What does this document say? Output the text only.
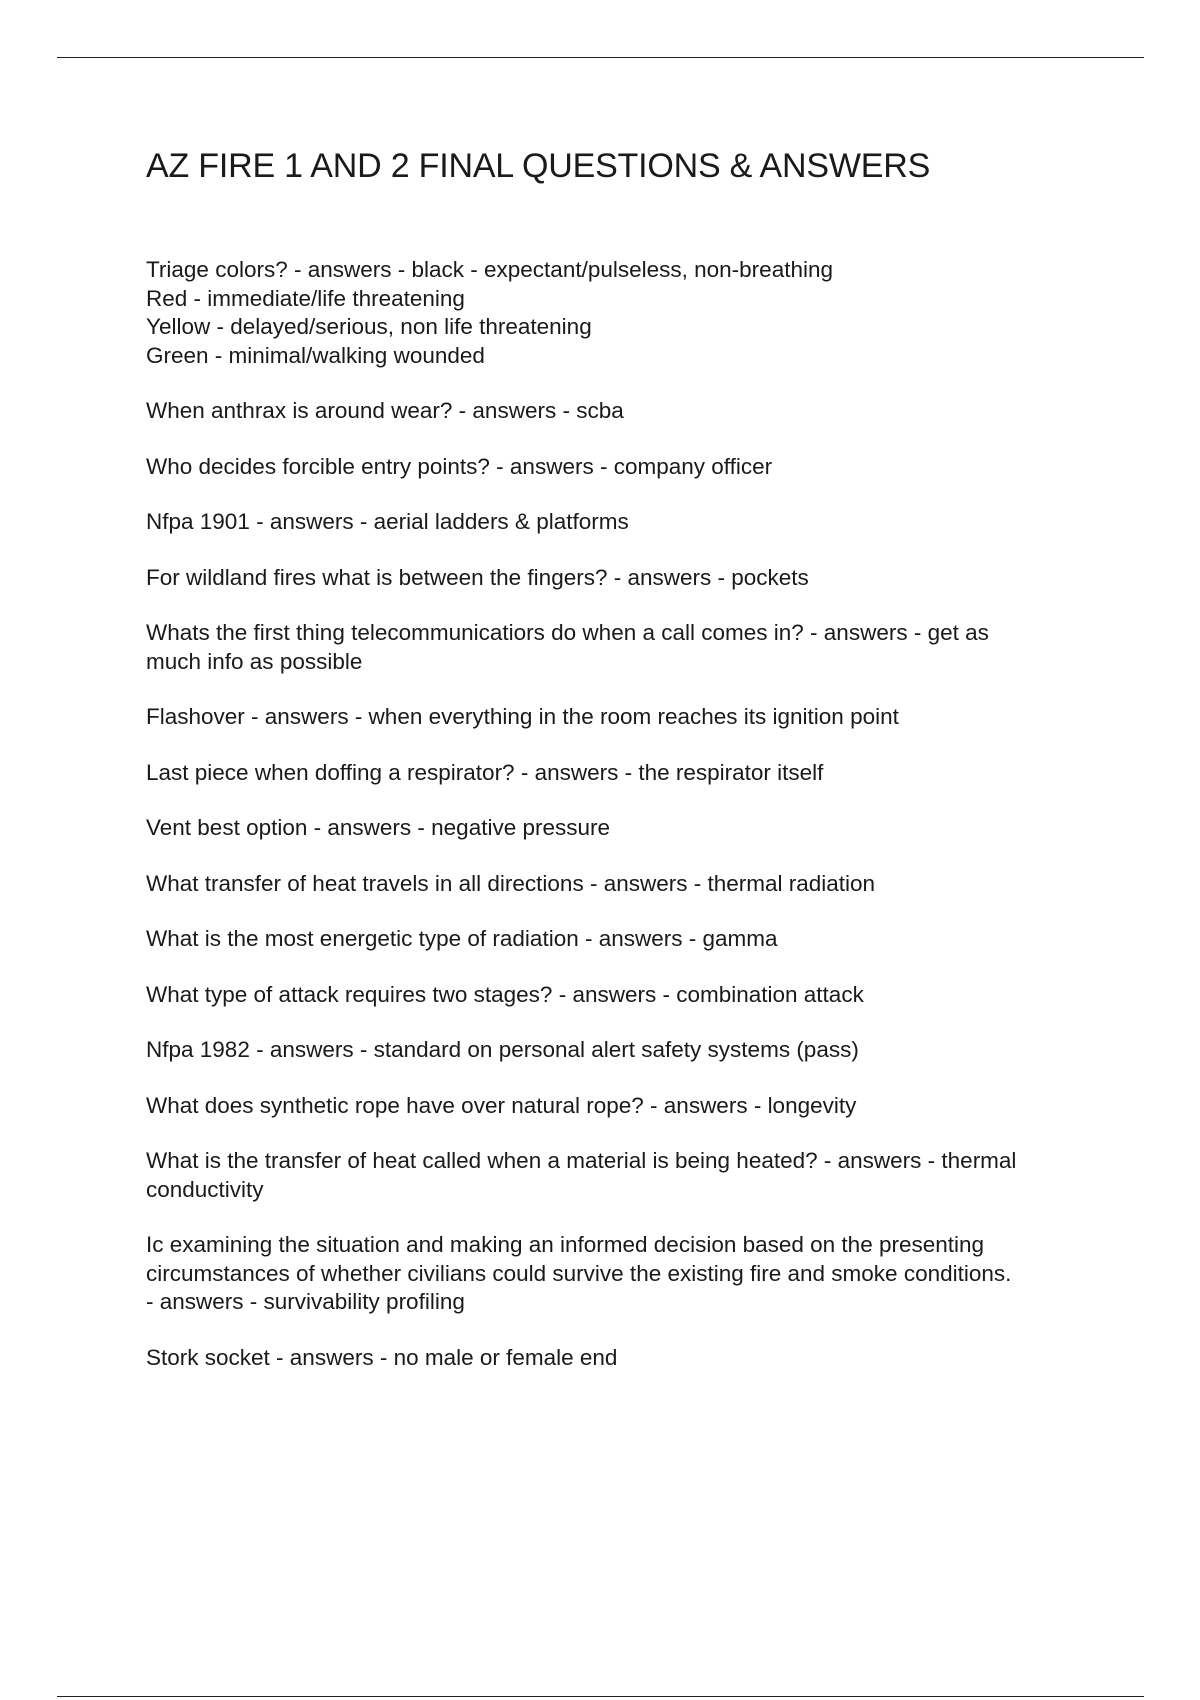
AZ FIRE 1 AND 2 FINAL QUESTIONS & ANSWERS

Triage colors? - answers - black - expectant/pulseless, non-breathing
Red - immediate/life threatening
Yellow - delayed/serious, non life threatening
Green - minimal/walking wounded

When anthrax is around wear? - answers - scba

Who decides forcible entry points? - answers - company officer

Nfpa 1901 - answers - aerial ladders & platforms

For wildland fires what is between the fingers? - answers - pockets

Whats the first thing telecommunicatiors do when a call comes in? - answers - get as
much info as possible

Flashover - answers - when everything in the room reaches its ignition point

Last piece when doffing a respirator? - answers - the respirator itself

Vent best option - answers - negative pressure

What transfer of heat travels in all directions - answers - thermal radiation

What is the most energetic type of radiation - answers - gamma

What type of attack requires two stages? - answers - combination attack

Nfpa 1982 - answers - standard on personal alert safety systems (pass)

What does synthetic rope have over natural rope? - answers - longevity

What is the transfer of heat called when a material is being heated? - answers - thermal
conductivity

Ic examining the situation and making an informed decision based on the presenting
circumstances of whether civilians could survive the existing fire and smoke conditions.
- answers - survivability profiling

Stork socket - answers - no male or female end
